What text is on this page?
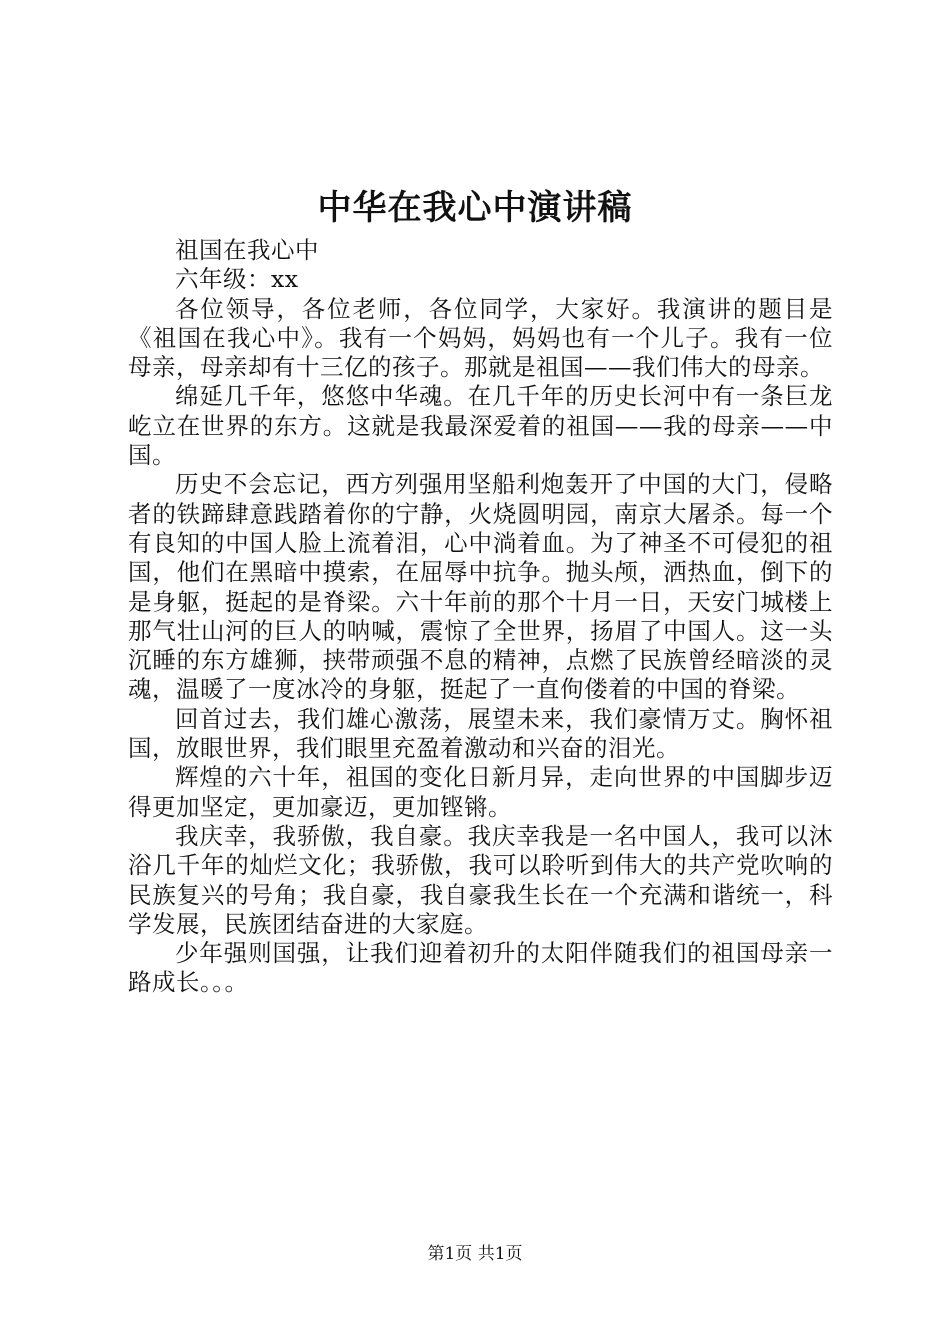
中华在我心中演讲稿

祖国在我心中

六年级：xx

各位领导，各位老师，各位同学，大家好。我演讲的题目是《祖国在我心中》。我有一个妈妈，妈妈也有一个儿子。我有一位母亲，母亲却有十三亿的孩子。那就是祖国——我们伟大的母亲。

绵延几千年，悠悠中华魂。在几千年的历史长河中有一条巨龙屹立在世界的东方。这就是我最深爱着的祖国——我的母亲——中国。

历史不会忘记，西方列强用坚船利炮轰开了中国的大门，侵略者的铁蹄肆意践踏着你的宁静，火烧圆明园，南京大屠杀。每一个有良知的中国人脸上流着泪，心中淌着血。为了神圣不可侵犯的祖国，他们在黑暗中摸索，在屈辱中抗争。抛头颅，洒热血，倒下的是身躯，挺起的是脊梁。六十年前的那个十月一日，天安门城楼上那气壮山河的巨人的呐喊，震惊了全世界，扬眉了中国人。这一头沉睡的东方雄狮，挟带顽强不息的精神，点燃了民族曾经暗淡的灵魂，温暖了一度冰冷的身躯，挺起了一直佝偻着的中国的脊梁。

回首过去，我们雄心激荡，展望未来，我们豪情万丈。胸怀祖国，放眼世界，我们眼里充盈着激动和兴奋的泪光。

辉煌的六十年，祖国的变化日新月异，走向世界的中国脚步迈得更加坚定，更加豪迈，更加铿锵。

我庆幸，我骄傲，我自豪。我庆幸我是一名中国人，我可以沐浴几千年的灿烂文化；我骄傲，我可以聆听到伟大的共产党吹响的民族复兴的号角；我自豪，我自豪我生长在一个充满和谐统一，科学发展，民族团结奋进的大家庭。

少年强则国强，让我们迎着初升的太阳伴随我们的祖国母亲一路成长。。。

第1页 共1页
